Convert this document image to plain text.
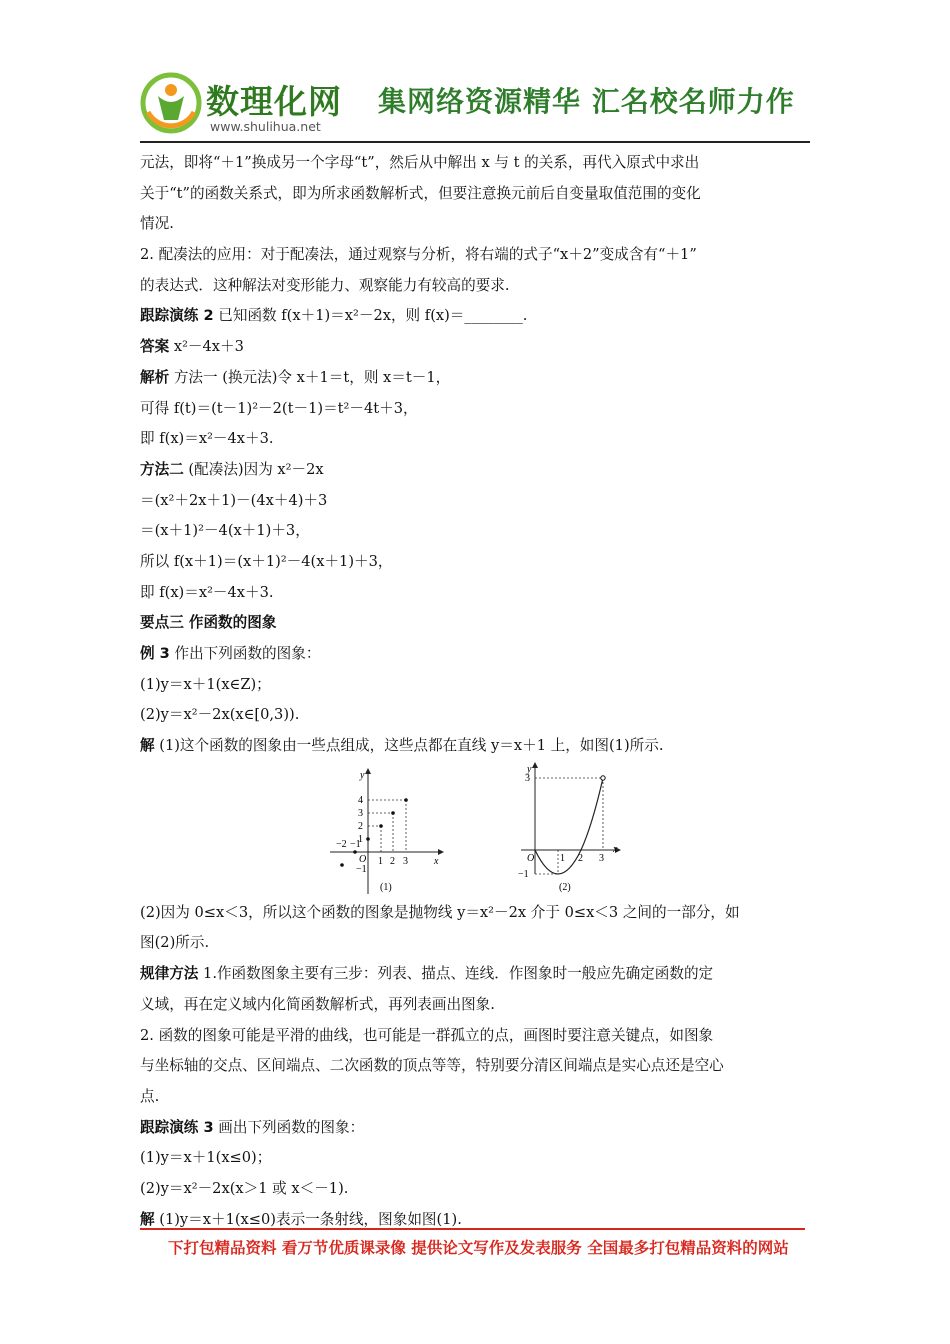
数理化网
www.shulihua.net
集网络资源精华 汇名校名师力作
元法，即将“＋1”换成另一个字母“t”，然后从中解出 x 与 t 的关系，再代入原式中求出
关于“t”的函数关系式，即为所求函数解析式，但要注意换元前后自变量取值范围的变化
情况.
2. 配凑法的应用：对于配凑法，通过观察与分析，将右端的式子“x＋2”变成含有“＋1”
的表达式．这种解法对变形能力、观察能力有较高的要求.
跟踪演练 2 已知函数 f(x＋1)＝x²－2x，则 f(x)＝________.
答案 x²－4x＋3
解析 方法一 (换元法)令 x＋1＝t，则 x＝t－1，
可得 f(t)＝(t－1)²－2(t－1)＝t²－4t＋3，
即 f(x)＝x²－4x＋3.
方法二 (配凑法)因为 x²－2x
＝(x²＋2x＋1)－(4x＋4)＋3
＝(x＋1)²－4(x＋1)＋3，
所以 f(x＋1)＝(x＋1)²－4(x＋1)＋3，
即 f(x)＝x²－4x＋3.
要点三 作函数的图象
例 3 作出下列函数的图象：
(1)y＝x＋1(x∈Z)；
(2)y＝x²－2x(x∈[0,3)).
解 (1)这个函数的图象由一些点组成，这些点都在直线 y＝x＋1 上，如图(1)所示.
y
x
O
4
3
2
1
−2 −1
1 2 3
−1
(1)
y
x
O
3
−1
1 2 3
(2)
(2)因为 0≤x＜3，所以这个函数的图象是抛物线 y＝x²－2x 介于 0≤x＜3 之间的一部分，如
图(2)所示.
规律方法 1.作函数图象主要有三步：列表、描点、连线．作图象时一般应先确定函数的定
义域，再在定义域内化简函数解析式，再列表画出图象.
2. 函数的图象可能是平滑的曲线，也可能是一群孤立的点，画图时要注意关键点，如图象
与坐标轴的交点、区间端点、二次函数的顶点等等，特别要分清区间端点是实心点还是空心
点.
跟踪演练 3 画出下列函数的图象：
(1)y＝x＋1(x≤0)；
(2)y＝x²－2x(x＞1 或 x＜－1).
解 (1)y＝x＋1(x≤0)表示一条射线，图象如图(1).
下打包精品资料 看万节优质课录像 提供论文写作及发表服务 全国最多打包精品资料的网站
